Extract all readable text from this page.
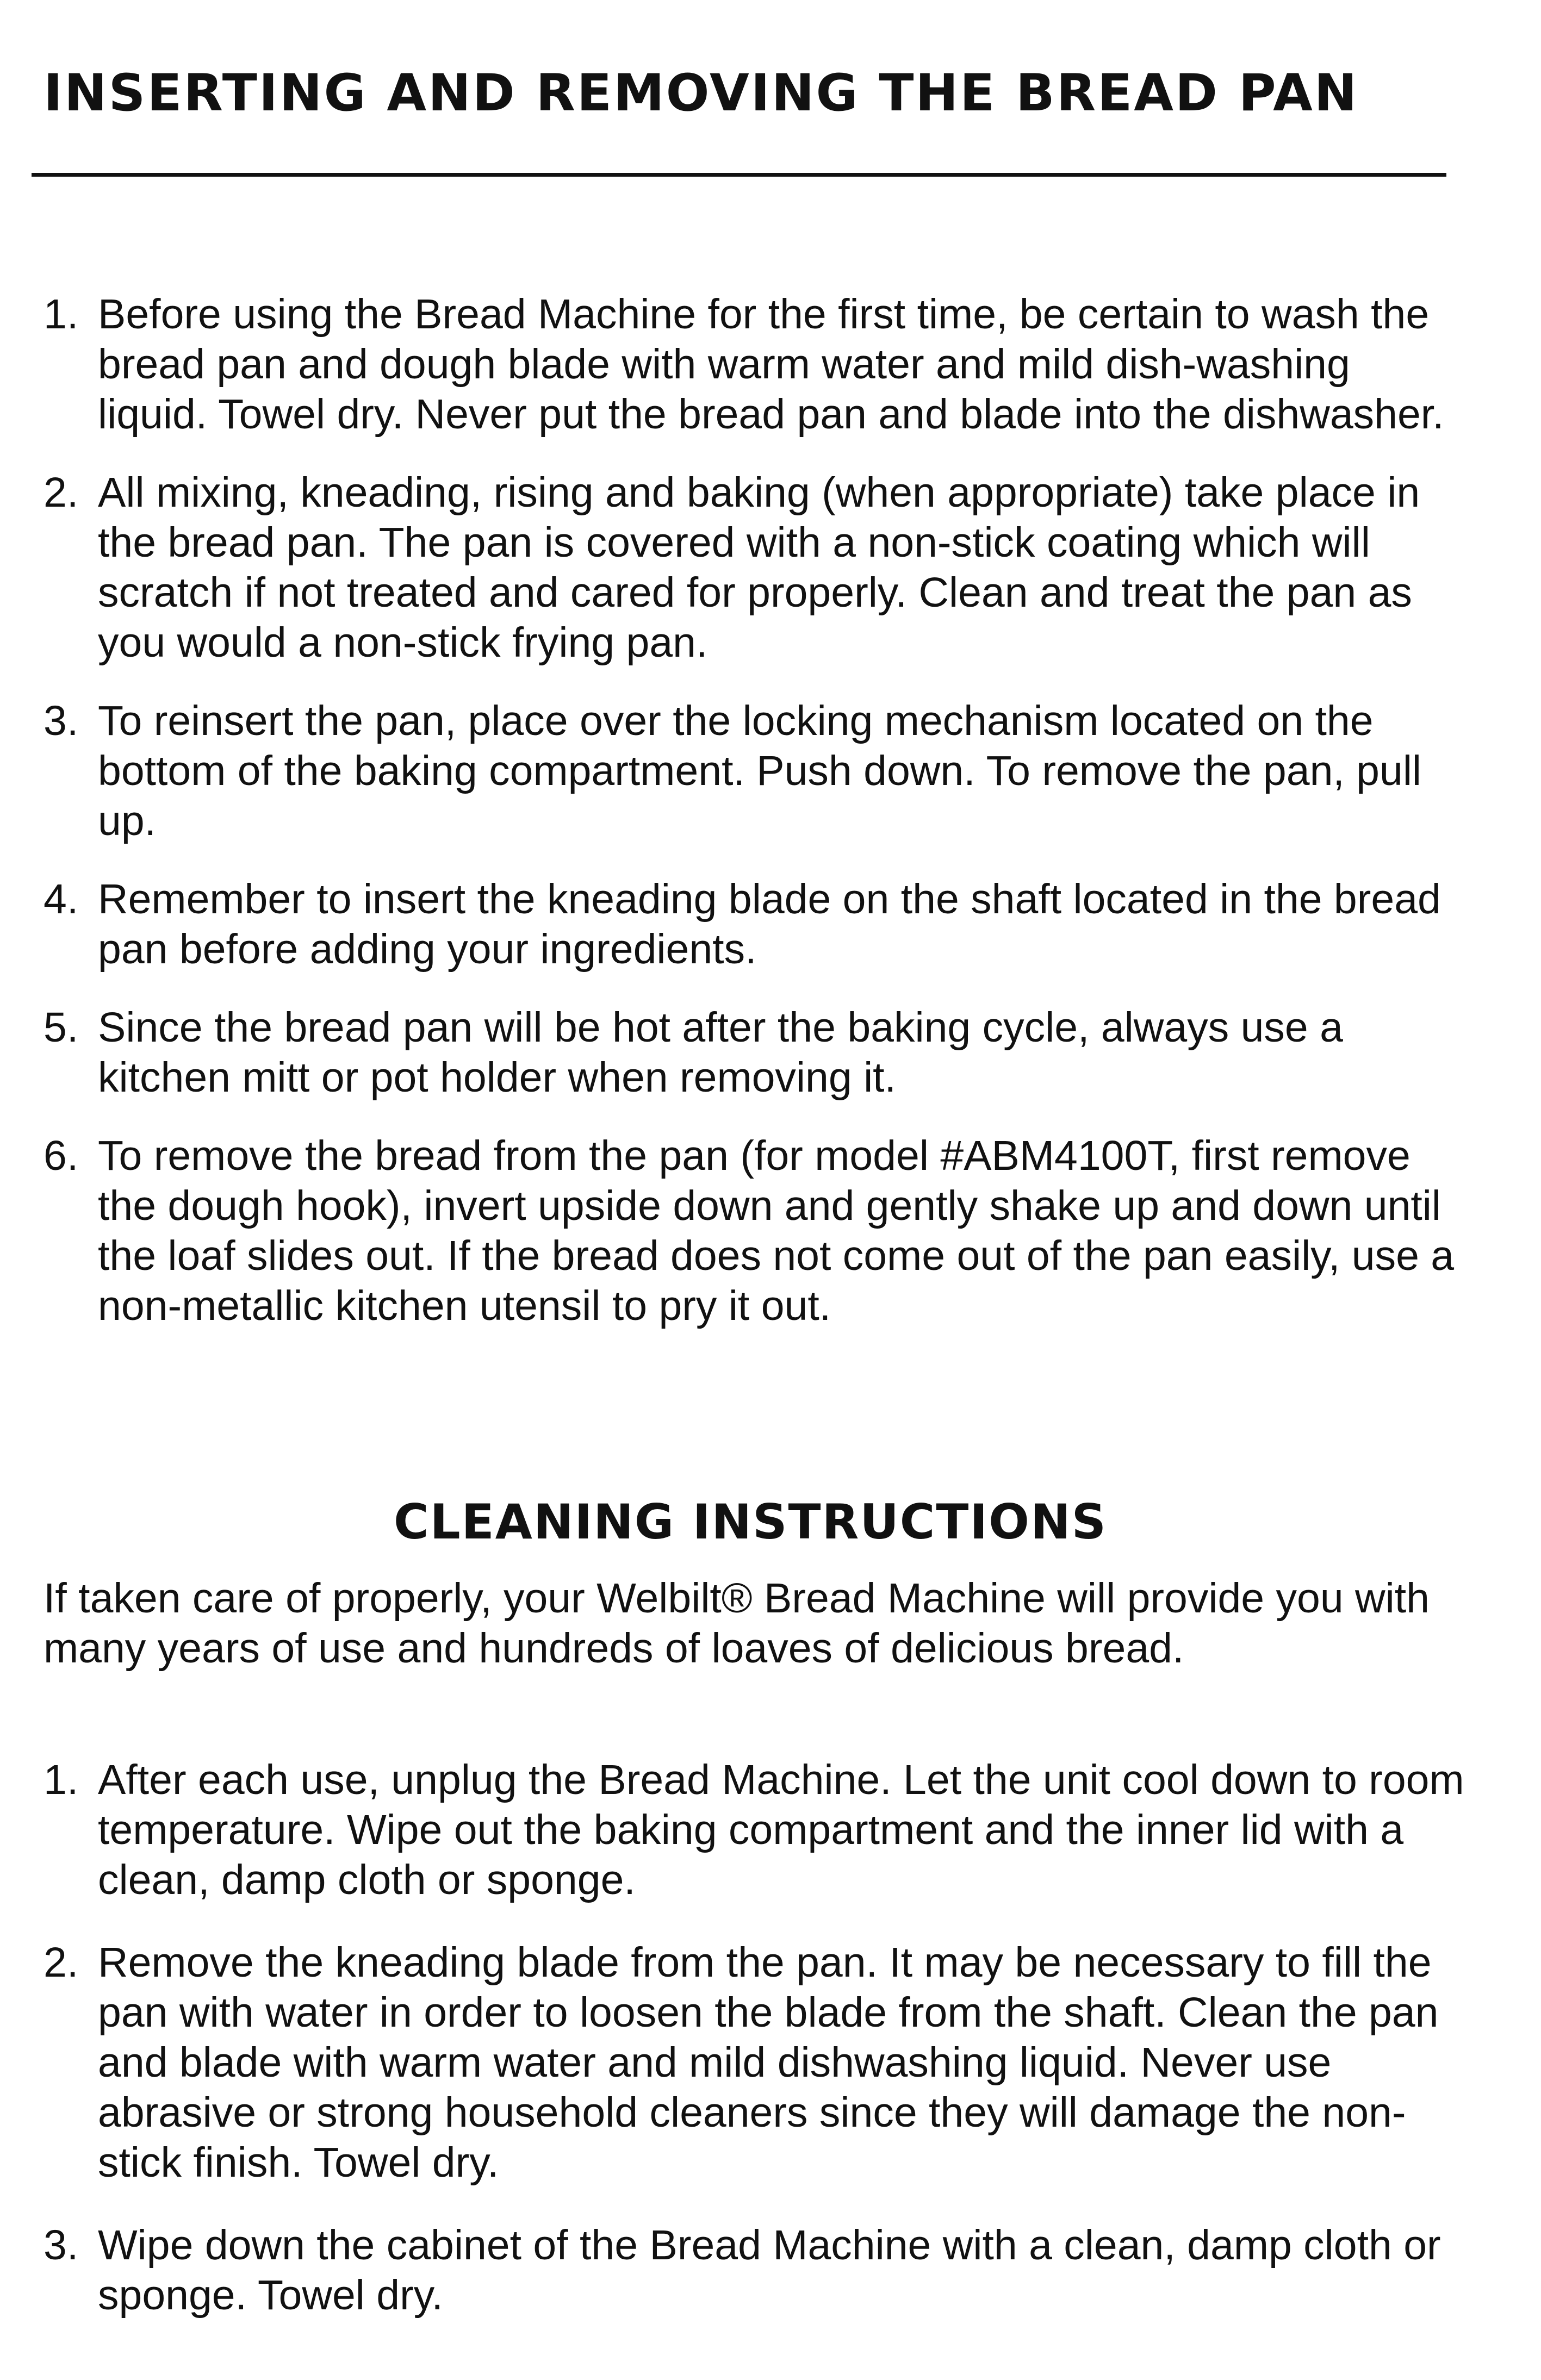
INSERTING AND REMOVING THE BREAD PAN
1. Before using the Bread Machine for the first time, be certain to wash the bread pan and dough blade with warm water and mild dish-washing liquid. Towel dry. Never put the bread pan and blade into the dishwasher.
2. All mixing, kneading, rising and baking (when appropriate) take place in the bread pan. The pan is covered with a non-stick coating which will scratch if not treated and cared for properly. Clean and treat the pan as you would a non-stick frying pan.
3. To reinsert the pan, place over the locking mechanism located on the bottom of the baking compartment. Push down. To remove the pan, pull up.
4. Remember to insert the kneading blade on the shaft located in the bread pan before adding your ingredients.
5. Since the bread pan will be hot after the baking cycle, always use a kitchen mitt or pot holder when removing it.
6. To remove the bread from the pan (for model #ABM4100T, first remove the dough hook), invert upside down and gently shake up and down until the loaf slides out. If the bread does not come out of the pan easily, use a non-metallic kitchen utensil to pry it out.
CLEANING INSTRUCTIONS

If taken care of properly, your Welbilt® Bread Machine will provide you with many years of use and hundreds of loaves of delicious bread.

1. After each use, unplug the Bread Machine. Let the unit cool down to room temperature. Wipe out the baking compartment and the inner lid with a clean, damp cloth or sponge.
2. Remove the kneading blade from the pan. It may be necessary to fill the pan with water in order to loosen the blade from the shaft. Clean the pan and blade with warm water and mild dishwashing liquid. Never use abrasive or strong household cleaners since they will damage the non-stick finish. Towel dry.
3. Wipe down the cabinet of the Bread Machine with a clean, damp cloth or sponge. Towel dry.
